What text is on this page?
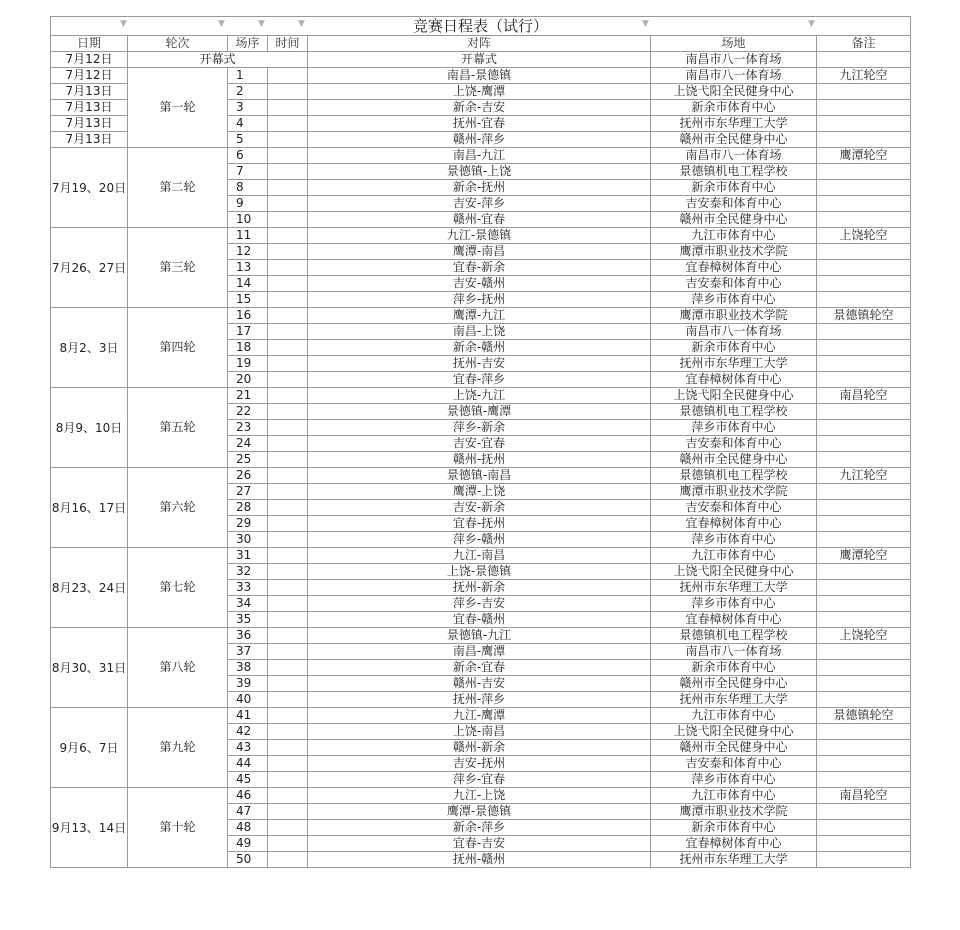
竞赛日程表（试行）						
日期	轮次	场序	时间	对阵	场地	备注
7月12日	开幕式			开幕式	南昌市八一体育场	
7月12日	第一轮	1		南昌-景德镇	南昌市八一体育场	九江轮空
7月13日		2		上饶-鹰潭	上饶弋阳全民健身中心	
7月13日		3		新余-吉安	新余市体育中心	
7月13日		4		抚州-宜春	抚州市东华理工大学	
7月13日		5		赣州-萍乡	赣州市全民健身中心	
7月19、20日	第二轮	6		南昌-九江	南昌市八一体育场	鹰潭轮空
		7		景德镇-上饶	景德镇机电工程学校	
		8		新余-抚州	新余市体育中心	
		9		吉安-萍乡	吉安泰和体育中心	
		10		赣州-宜春	赣州市全民健身中心	
7月26、27日	第三轮	11		九江-景德镇	九江市体育中心	上饶轮空
		12		鹰潭-南昌	鹰潭市职业技术学院	
		13		宜春-新余	宜春樟树体育中心	
		14		吉安-赣州	吉安泰和体育中心	
		15		萍乡-抚州	萍乡市体育中心	
8月2、3日	第四轮	16		鹰潭-九江	鹰潭市职业技术学院	景德镇轮空
		17		南昌-上饶	南昌市八一体育场	
		18		新余-赣州	新余市体育中心	
		19		抚州-吉安	抚州市东华理工大学	
		20		宜春-萍乡	宜春樟树体育中心	
8月9、10日	第五轮	21		上饶-九江	上饶弋阳全民健身中心	南昌轮空
		22		景德镇-鹰潭	景德镇机电工程学校	
		23		萍乡-新余	萍乡市体育中心	
		24		吉安-宜春	吉安泰和体育中心	
		25		赣州-抚州	赣州市全民健身中心	
8月16、17日	第六轮	26		景德镇-南昌	景德镇机电工程学校	九江轮空
		27		鹰潭-上饶	鹰潭市职业技术学院	
		28		吉安-新余	吉安泰和体育中心	
		29		宜春-抚州	宜春樟树体育中心	
		30		萍乡-赣州	萍乡市体育中心	
8月23、24日	第七轮	31		九江-南昌	九江市体育中心	鹰潭轮空
		32		上饶-景德镇	上饶弋阳全民健身中心	
		33		抚州-新余	抚州市东华理工大学	
		34		萍乡-吉安	萍乡市体育中心	
		35		宜春-赣州	宜春樟树体育中心	
8月30、31日	第八轮	36		景德镇-九江	景德镇机电工程学校	上饶轮空
		37		南昌-鹰潭	南昌市八一体育场	
		38		新余-宜春	新余市体育中心	
		39		赣州-吉安	赣州市全民健身中心	
		40		抚州-萍乡	抚州市东华理工大学	
9月6、7日	第九轮	41		九江-鹰潭	九江市体育中心	景德镇轮空
		42		上饶-南昌	上饶弋阳全民健身中心	
		43		赣州-新余	赣州市全民健身中心	
		44		吉安-抚州	吉安泰和体育中心	
		45		萍乡-宜春	萍乡市体育中心	
9月13、14日	第十轮	46		九江-上饶	九江市体育中心	南昌轮空
		47		鹰潭-景德镇	鹰潭市职业技术学院	
		48		新余-萍乡	新余市体育中心	
		49		宜春-吉安	宜春樟树体育中心	
		50		抚州-赣州	抚州市东华理工大学	
▼	▼	▼	▼	▼	▼
